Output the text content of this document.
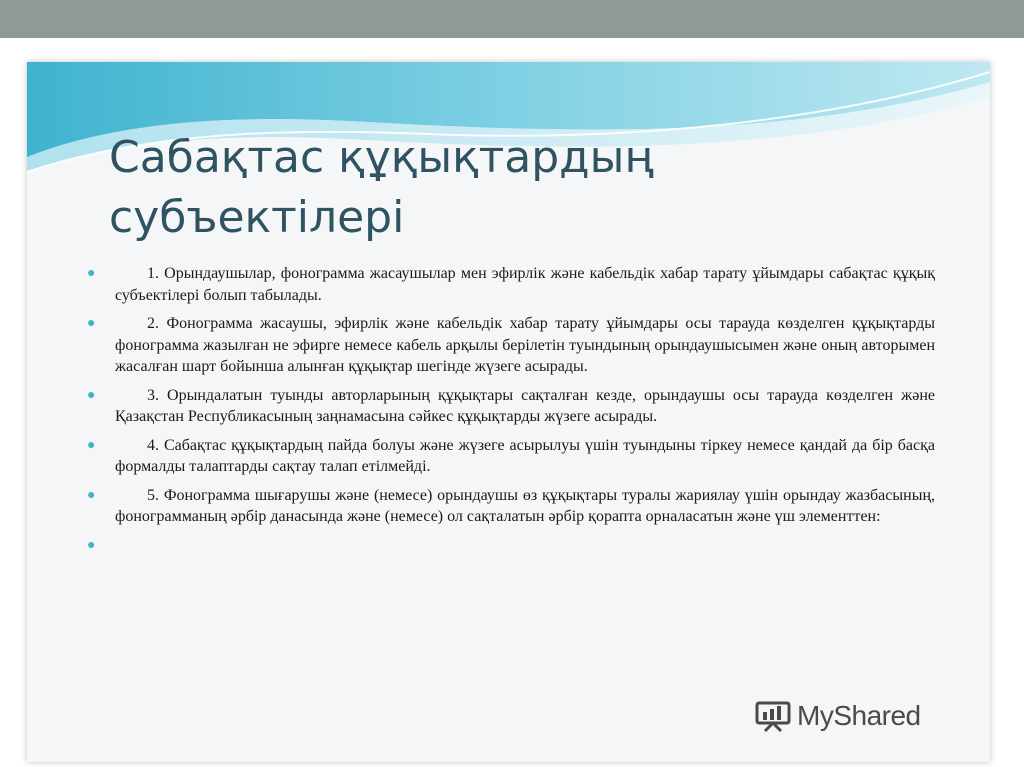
Сабақтас құқықтардың
субъектілері
●	1. Орындаушылар, фонограмма жасаушылар мен эфирлік және кабельдік хабар тарату ұйымдары сабақтас құқық субъектілері болып табылады.
●	2. Фонограмма жасаушы, эфирлік және кабельдік хабар тарату ұйымдары осы тарауда көзделген құқықтарды фонограмма жазылған не эфирге немесе кабель арқылы берілетін туындының орындаушысымен және оның авторымен жасалған шарт бойынша алынған құқықтар шегінде жүзеге асырады.
●	3. Орындалатын туынды авторларының құқықтары сақталған кезде, орындаушы осы тарауда көзделген және Қазақстан Республикасының заңнамасына сәйкес құқықтарды жүзеге асырады.
●	4. Сабақтас құқықтардың пайда болуы және жүзеге асырылуы үшін туындыны тіркеу немесе қандай да бір басқа формалды талаптарды сақтау талап етілмейді.
●	5. Фонограмма шығарушы және (немесе) орындаушы өз құқықтары туралы жариялау үшін орындау жазбасының, фонограмманың әрбір данасында және (немесе) ол сақталатын әрбір қорапта орналасатын және үш элементтен:
●
MyShared
